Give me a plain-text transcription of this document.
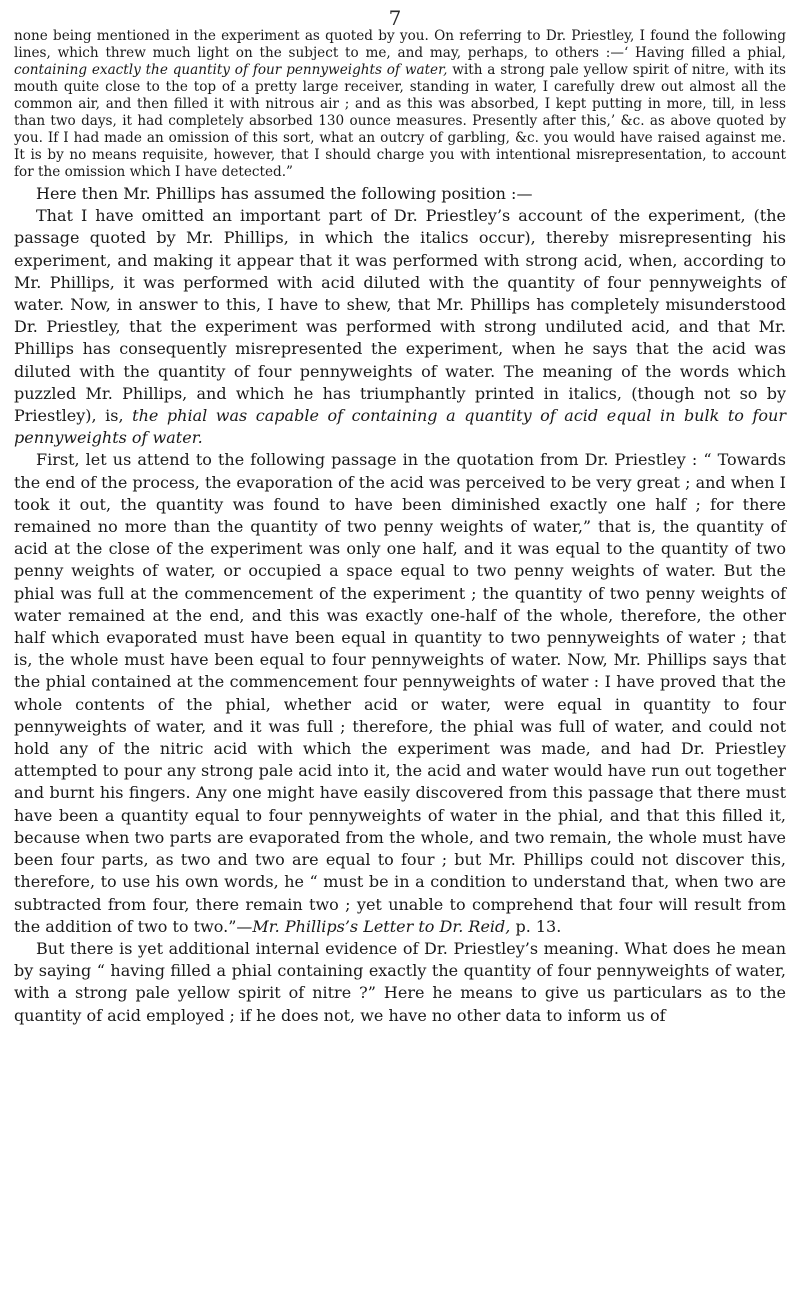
7

none being mentioned in the experiment as quoted by you. On referring to Dr. Priestley, I found the following lines, which threw much light on the subject to me, and may, perhaps, to others :—‘ Having filled a phial, containing exactly the quantity of four pennyweights of water, with a strong pale yellow spirit of nitre, with its mouth quite close to the top of a pretty large receiver, standing in water, I carefully drew out almost all the common air, and then filled it with nitrous air ; and as this was absorbed, I kept putting in more, till, in less than two days, it had completely absorbed 130 ounce measures. Presently after this,’ &c. as above quoted by you. If I had made an omission of this sort, what an outcry of garbling, &c. you would have raised against me. It is by no means requisite, however, that I should charge you with intentional misrepresentation, to account for the omission which I have detected.”

Here then Mr. Phillips has assumed the following position :—

That I have omitted an important part of Dr. Priestley’s account of the experiment, (the passage quoted by Mr. Phillips, in which the italics occur), thereby misrepresenting his experiment, and making it appear that it was performed with strong acid, when, according to Mr. Phillips, it was performed with acid diluted with the quantity of four pennyweights of water. Now, in answer to this, I have to shew, that Mr. Phillips has completely misunderstood Dr. Priestley, that the experiment was performed with strong undiluted acid, and that Mr. Phillips has consequently misrepresented the experiment, when he says that the acid was diluted with the quantity of four pennyweights of water. The meaning of the words which puzzled Mr. Phillips, and which he has triumphantly printed in italics, (though not so by Priestley), is, the phial was capable of containing a quantity of acid equal in bulk to four pennyweights of water.

First, let us attend to the following passage in the quotation from Dr. Priestley : “ Towards the end of the process, the evaporation of the acid was perceived to be very great ; and when I took it out, the quantity was found to have been diminished exactly one half ; for there remained no more than the quantity of two penny weights of water,” that is, the quantity of acid at the close of the experiment was only one half, and it was equal to the quantity of two penny weights of water, or occupied a space equal to two penny weights of water. But the phial was full at the commencement of the experiment ; the quantity of two penny weights of water remained at the end, and this was exactly one-half of the whole, therefore, the other half which evaporated must have been equal in quantity to two pennyweights of water ; that is, the whole must have been equal to four pennyweights of water. Now, Mr. Phillips says that the phial contained at the commencement four pennyweights of water : I have proved that the whole contents of the phial, whether acid or water, were equal in quantity to four pennyweights of water, and it was full ; therefore, the phial was full of water, and could not hold any of the nitric acid with which the experiment was made, and had Dr. Priestley attempted to pour any strong pale acid into it, the acid and water would have run out together and burnt his fingers. Any one might have easily discovered from this passage that there must have been a quantity equal to four pennyweights of water in the phial, and that this filled it, because when two parts are evaporated from the whole, and two remain, the whole must have been four parts, as two and two are equal to four ; but Mr. Phillips could not discover this, therefore, to use his own words, he “ must be in a condition to understand that, when two are subtracted from four, there remain two ; yet unable to comprehend that four will result from the addition of two to two.”—Mr. Phillips’s Letter to Dr. Reid, p. 13.

But there is yet additional internal evidence of Dr. Priestley’s meaning. What does he mean by saying “ having filled a phial containing exactly the quantity of four pennyweights of water, with a strong pale yellow spirit of nitre ?” Here he means to give us particulars as to the quantity of acid employed ; if he does not, we have no other data to inform us of
